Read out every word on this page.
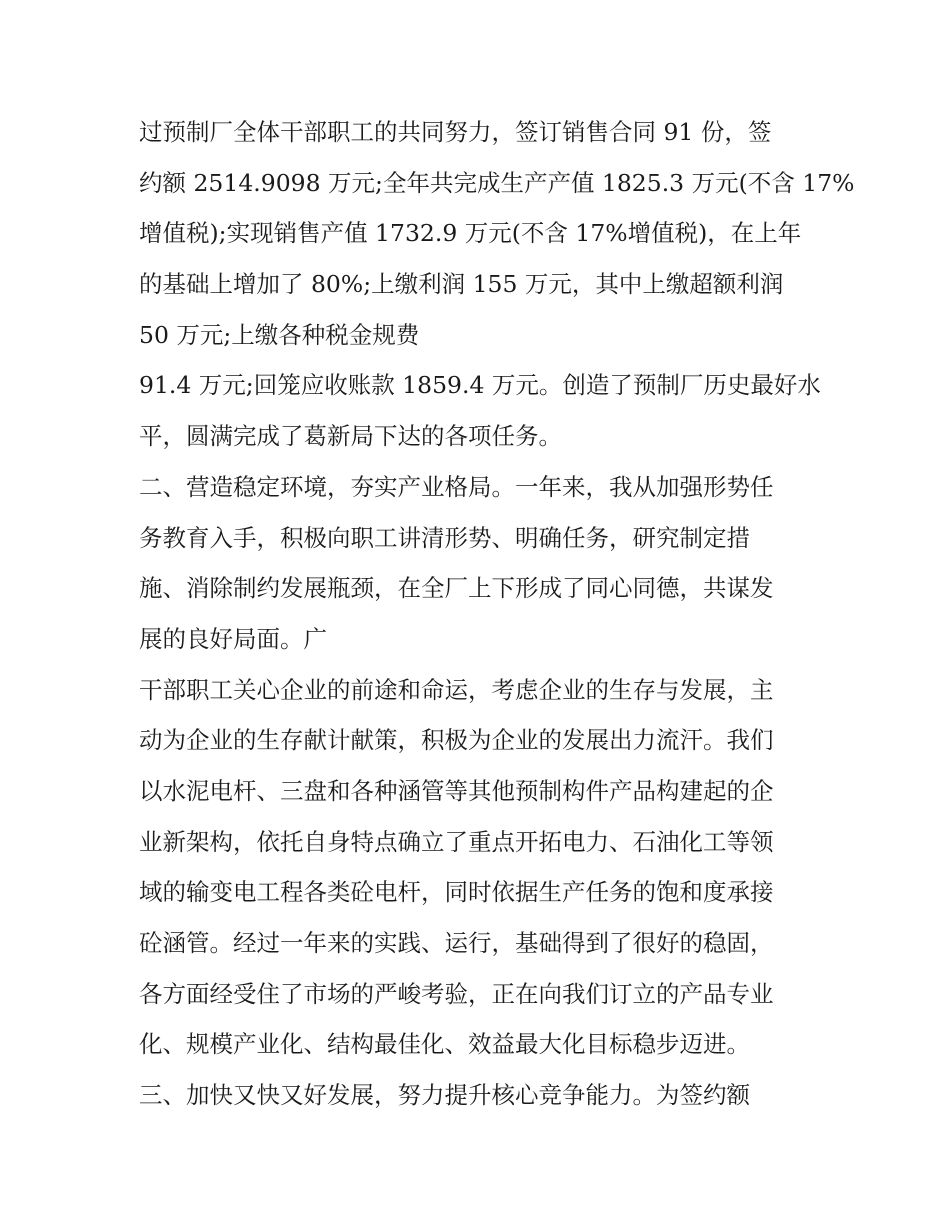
过预制厂全体干部职工的共同努力，签订销售合同 91 份，签
约额 2514.9098 万元;全年共完成生产产值 1825.3 万元(不含 17%
增值税);实现销售产值 1732.9 万元(不含 17%增值税)，在上年
的基础上增加了 80%;上缴利润 155 万元，其中上缴超额利润
50 万元;上缴各种税金规费
91.4 万元;回笼应收账款 1859.4 万元。创造了预制厂历史最好水
平，圆满完成了葛新局下达的各项任务。
二、营造稳定环境，夯实产业格局。一年来，我从加强形势任
务教育入手，积极向职工讲清形势、明确任务，研究制定措
施、消除制约发展瓶颈，在全厂上下形成了同心同德，共谋发
展的良好局面。广
干部职工关心企业的前途和命运，考虑企业的生存与发展，主
动为企业的生存献计献策，积极为企业的发展出力流汗。我们
以水泥电杆、三盘和各种涵管等其他预制构件产品构建起的企
业新架构，依托自身特点确立了重点开拓电力、石油化工等领
域的输变电工程各类砼电杆，同时依据生产任务的饱和度承接
砼涵管。经过一年来的实践、运行，基础得到了很好的稳固，
各方面经受住了市场的严峻考验，正在向我们订立的产品专业
化、规模产业化、结构最佳化、效益最大化目标稳步迈进。
三、加快又快又好发展，努力提升核心竞争能力。为签约额
